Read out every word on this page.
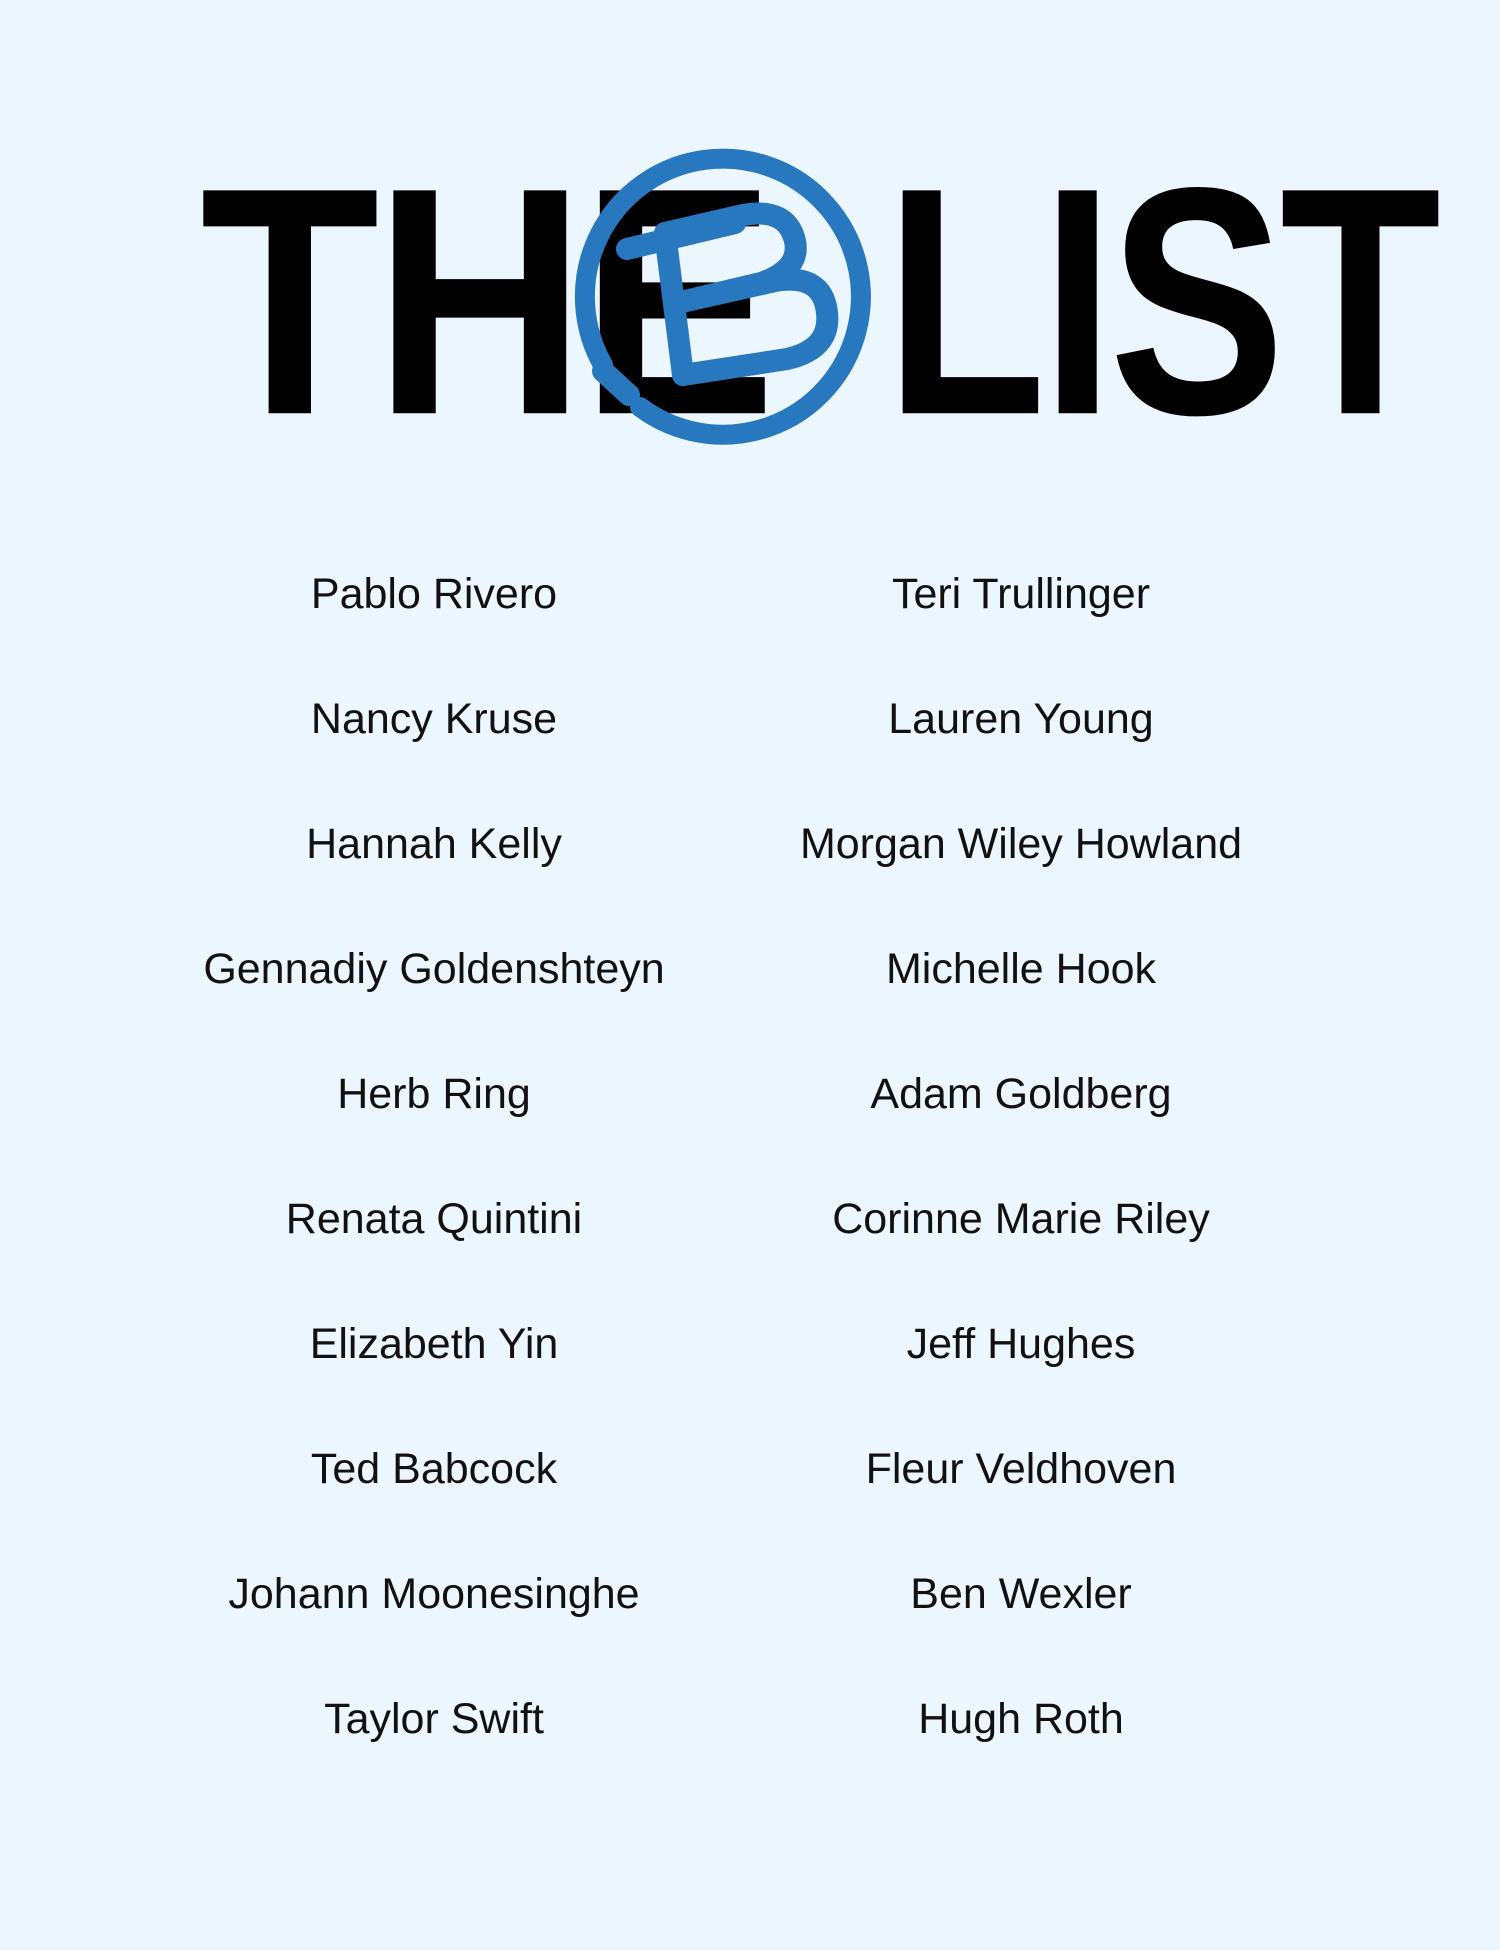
THE LIST
Pablo Rivero
Nancy Kruse
Hannah Kelly
Gennadiy Goldenshteyn
Herb Ring
Renata Quintini
Elizabeth Yin
Ted Babcock
Johann Moonesinghe
Taylor Swift
Teri Trullinger
Lauren Young
Morgan Wiley Howland
Michelle Hook
Adam Goldberg
Corinne Marie Riley
Jeff Hughes
Fleur Veldhoven
Ben Wexler
Hugh Roth
